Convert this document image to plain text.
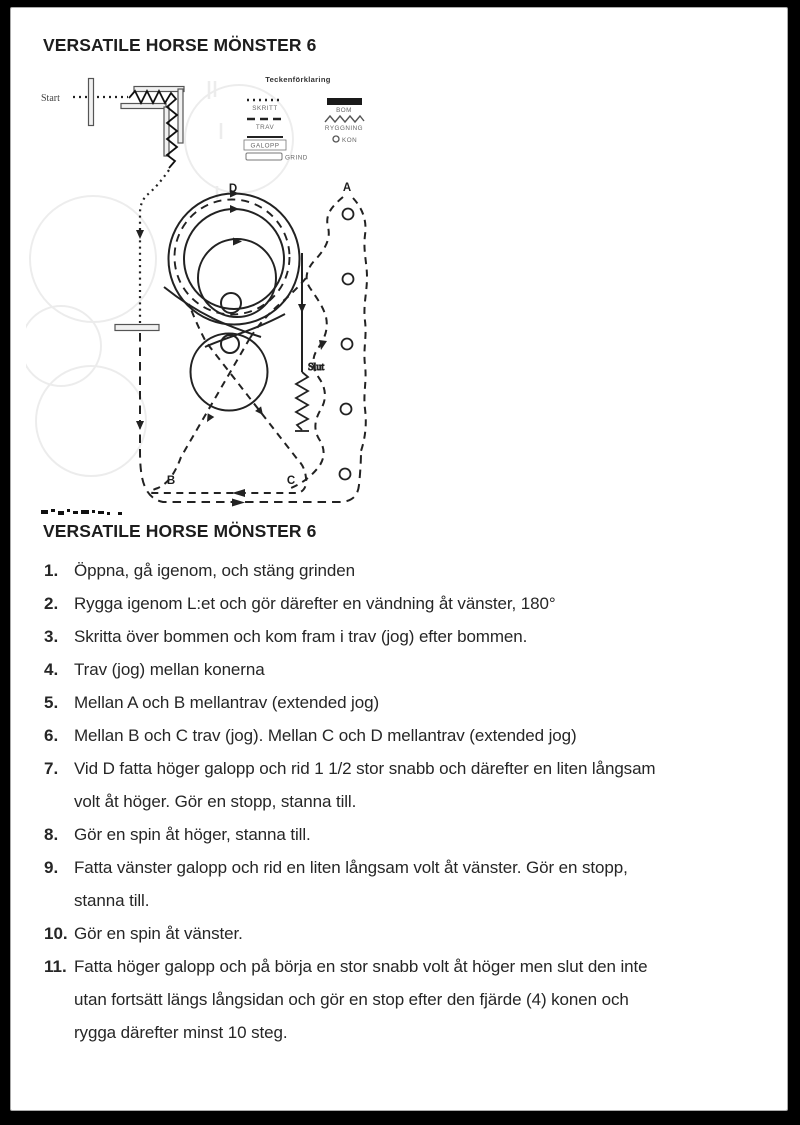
VERSATILE HORSE MÖNSTER 6
Teckenförklaring
SKRITT
TRAV
GALOPP
GRIND
BOM
RYGGNING
KON
Start
Slut
D	A
B	C
VERSATILE HORSE MÖNSTER 6
1. Öppna, gå igenom, och stäng grinden
2. Rygga igenom L:et och gör därefter en vändning åt vänster, 180°
3. Skritta över bommen och kom fram i trav (jog) efter bommen.
4. Trav (jog) mellan konerna
5. Mellan A och B mellantrav (extended jog)
6. Mellan B och C trav (jog). Mellan C och D mellantrav (extended jog)
7. Vid D fatta höger galopp och rid 1 1/2 stor snabb och därefter en liten långsam
volt åt höger. Gör en stopp, stanna till.
8. Gör en spin åt höger, stanna till.
9. Fatta vänster galopp och rid en liten långsam volt åt vänster. Gör en stopp,
stanna till.
10. Gör en spin åt vänster.
11. Fatta höger galopp och på börja en stor snabb volt åt höger men slut den inte
utan fortsätt längs långsidan och gör en stop efter den fjärde (4) konen och
rygga därefter minst 10 steg.
